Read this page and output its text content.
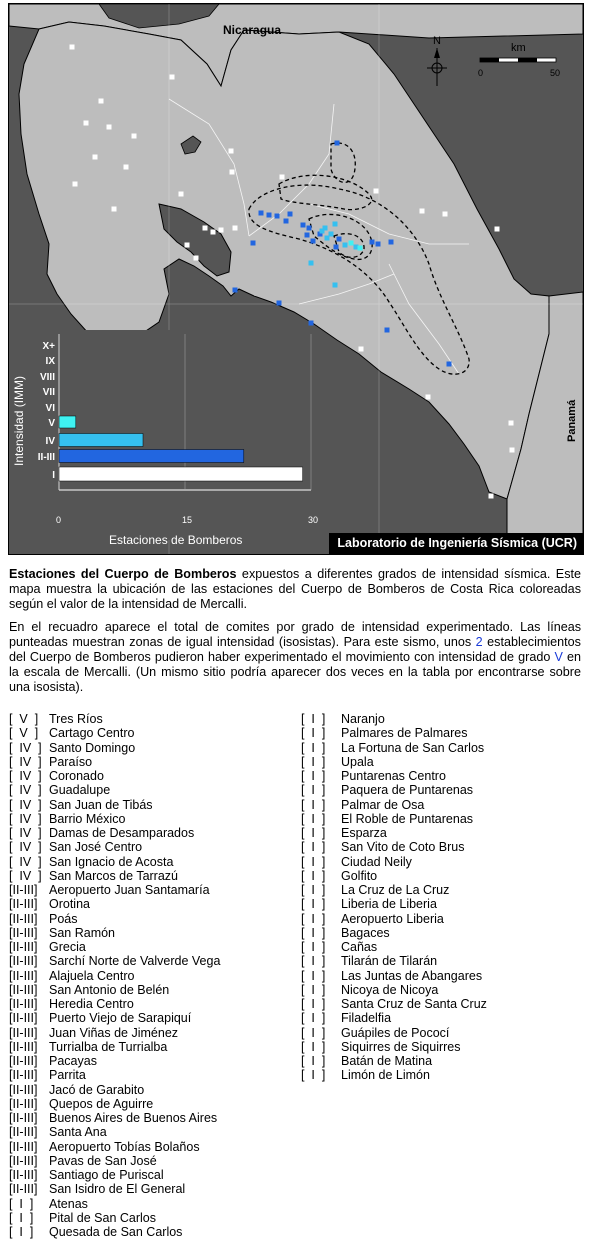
Nicaragua
Panamá
N
km
0	50
Intensidad (IMM)
Estaciones de Bomberos
X+
IX
VIII
VII
VI
V
IV
II-III
I
0	15	30
Laboratorio de Ingeniería Sísmica (UCR)

Estaciones del Cuerpo de Bomberos expuestos a diferentes grados de intensidad sísmica. Este mapa muestra la ubicación de las estaciones del Cuerpo de Bomberos de Costa Rica coloreadas según el valor de la intensidad de Mercalli.

En el recuadro aparece el total de comites por grado de intensidad experimentado. Las líneas punteadas muestran zonas de igual intensidad (isosistas). Para este sismo, unos 2 establecimientos del Cuerpo de Bomberos pudieron haber experimentado el movimiento con intensidad de grado V en la escala de Mercalli. (Un mismo sitio podría aparecer dos veces en la tabla por encontrarse sobre una isosista).

[  V  ] Tres Ríos
[  V  ] Cartago Centro
[  IV  ] Santo Domingo
[  IV  ] Paraíso
[  IV  ] Coronado
[  IV  ] Guadalupe
[  IV  ] San Juan de Tibás
[  IV  ] Barrio México
[  IV  ] Damas de Desamparados
[  IV  ] San José Centro
[  IV  ] San Ignacio de Acosta
[  IV  ] San Marcos de Tarrazú
[II-III] Aeropuerto Juan Santamaría
[II-III] Orotina
[II-III] Poás
[II-III] San Ramón
[II-III] Grecia
[II-III] Sarchí Norte de Valverde Vega
[II-III] Alajuela Centro
[II-III] San Antonio de Belén
[II-III] Heredia Centro
[II-III] Puerto Viejo de Sarapiquí
[II-III] Juan Viñas de Jiménez
[II-III] Turrialba de Turrialba
[II-III] Pacayas
[II-III] Parrita
[II-III] Jacó de Garabito
[II-III] Quepos de Aguirre
[II-III] Buenos Aires de Buenos Aires
[II-III] Santa Ana
[II-III] Aeropuerto Tobías Bolaños
[II-III] Pavas de San José
[II-III] Santiago de Puriscal
[II-III] San Isidro de El General
[  I  ] Atenas
[  I  ] Pital de San Carlos
[  I  ] Quesada de San Carlos
[  I  ] Naranjo
[  I  ] Palmares de Palmares
[  I  ] La Fortuna de San Carlos
[  I  ] Upala
[  I  ] Puntarenas Centro
[  I  ] Paquera de Puntarenas
[  I  ] Palmar de Osa
[  I  ] El Roble de Puntarenas
[  I  ] Esparza
[  I  ] San Vito de Coto Brus
[  I  ] Ciudad Neily
[  I  ] Golfito
[  I  ] La Cruz de La Cruz
[  I  ] Liberia de Liberia
[  I  ] Aeropuerto Liberia
[  I  ] Bagaces
[  I  ] Cañas
[  I  ] Tilarán de Tilarán
[  I  ] Las Juntas de Abangares
[  I  ] Nicoya de Nicoya
[  I  ] Santa Cruz de Santa Cruz
[  I  ] Filadelfia
[  I  ] Guápiles de Pococí
[  I  ] Siquirres de Siquirres
[  I  ] Batán de Matina
[  I  ] Limón de Limón
